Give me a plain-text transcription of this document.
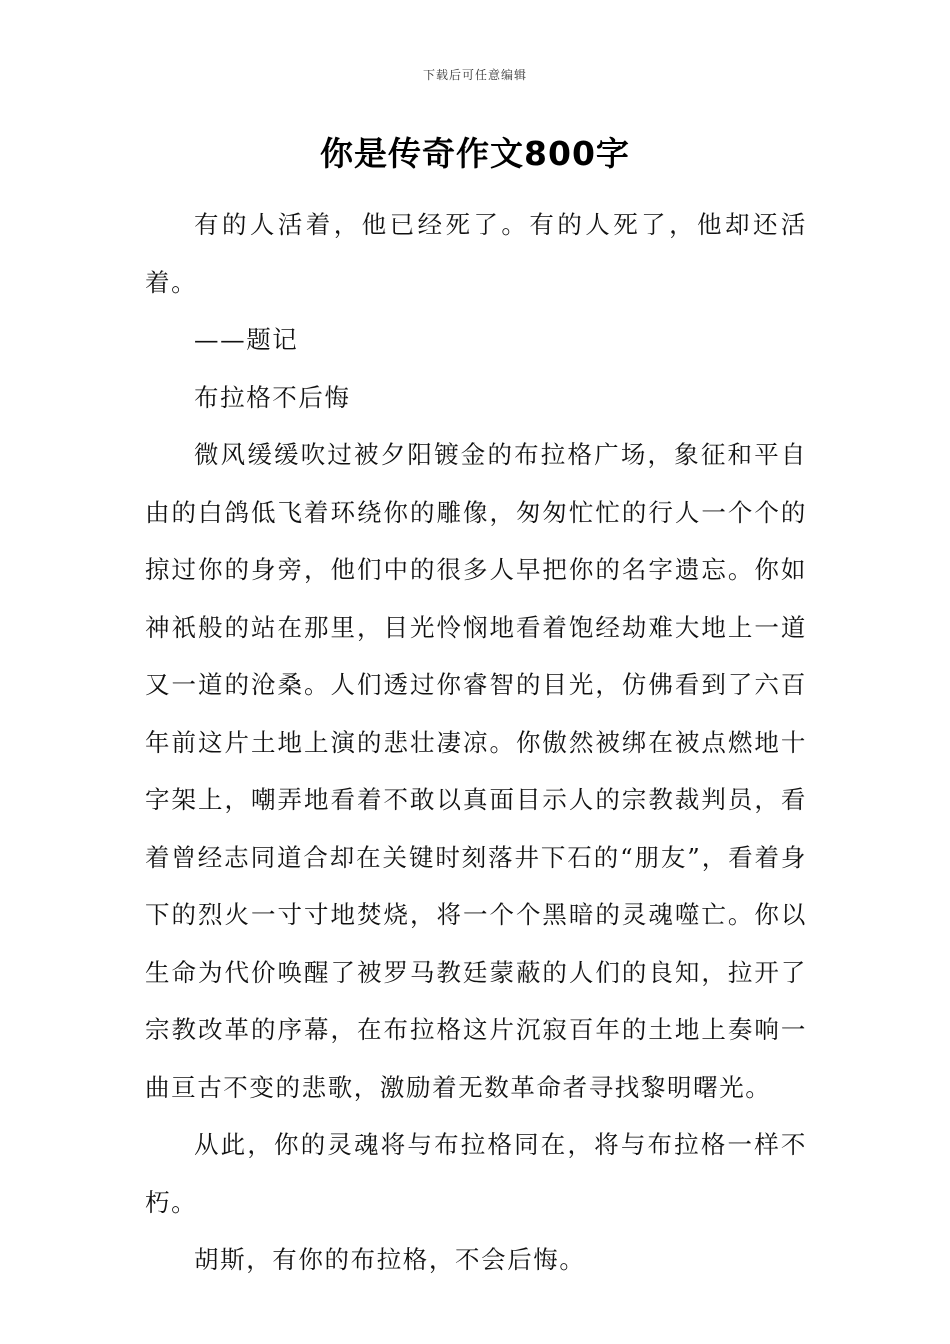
下载后可任意编辑
你是传奇作文800字

有的人活着，他已经死了。有的人死了，他却还活着。

——题记

布拉格不后悔

微风缓缓吹过被夕阳镀金的布拉格广场，象征和平自由的白鸽低飞着环绕你的雕像，匆匆忙忙的行人一个个的掠过你的身旁，他们中的很多人早把你的名字遗忘。你如神祇般的站在那里，目光怜悯地看着饱经劫难大地上一道又一道的沧桑。人们透过你睿智的目光，仿佛看到了六百年前这片土地上演的悲壮凄凉。你傲然被绑在被点燃地十字架上，嘲弄地看着不敢以真面目示人的宗教裁判员，看着曾经志同道合却在关键时刻落井下石的“朋友”，看着身下的烈火一寸寸地焚烧，将一个个黑暗的灵魂噬亡。你以生命为代价唤醒了被罗马教廷蒙蔽的人们的良知，拉开了宗教改革的序幕，在布拉格这片沉寂百年的土地上奏响一曲亘古不变的悲歌，激励着无数革命者寻找黎明曙光。

从此，你的灵魂将与布拉格同在，将与布拉格一样不朽。

胡斯，有你的布拉格，不会后悔。
